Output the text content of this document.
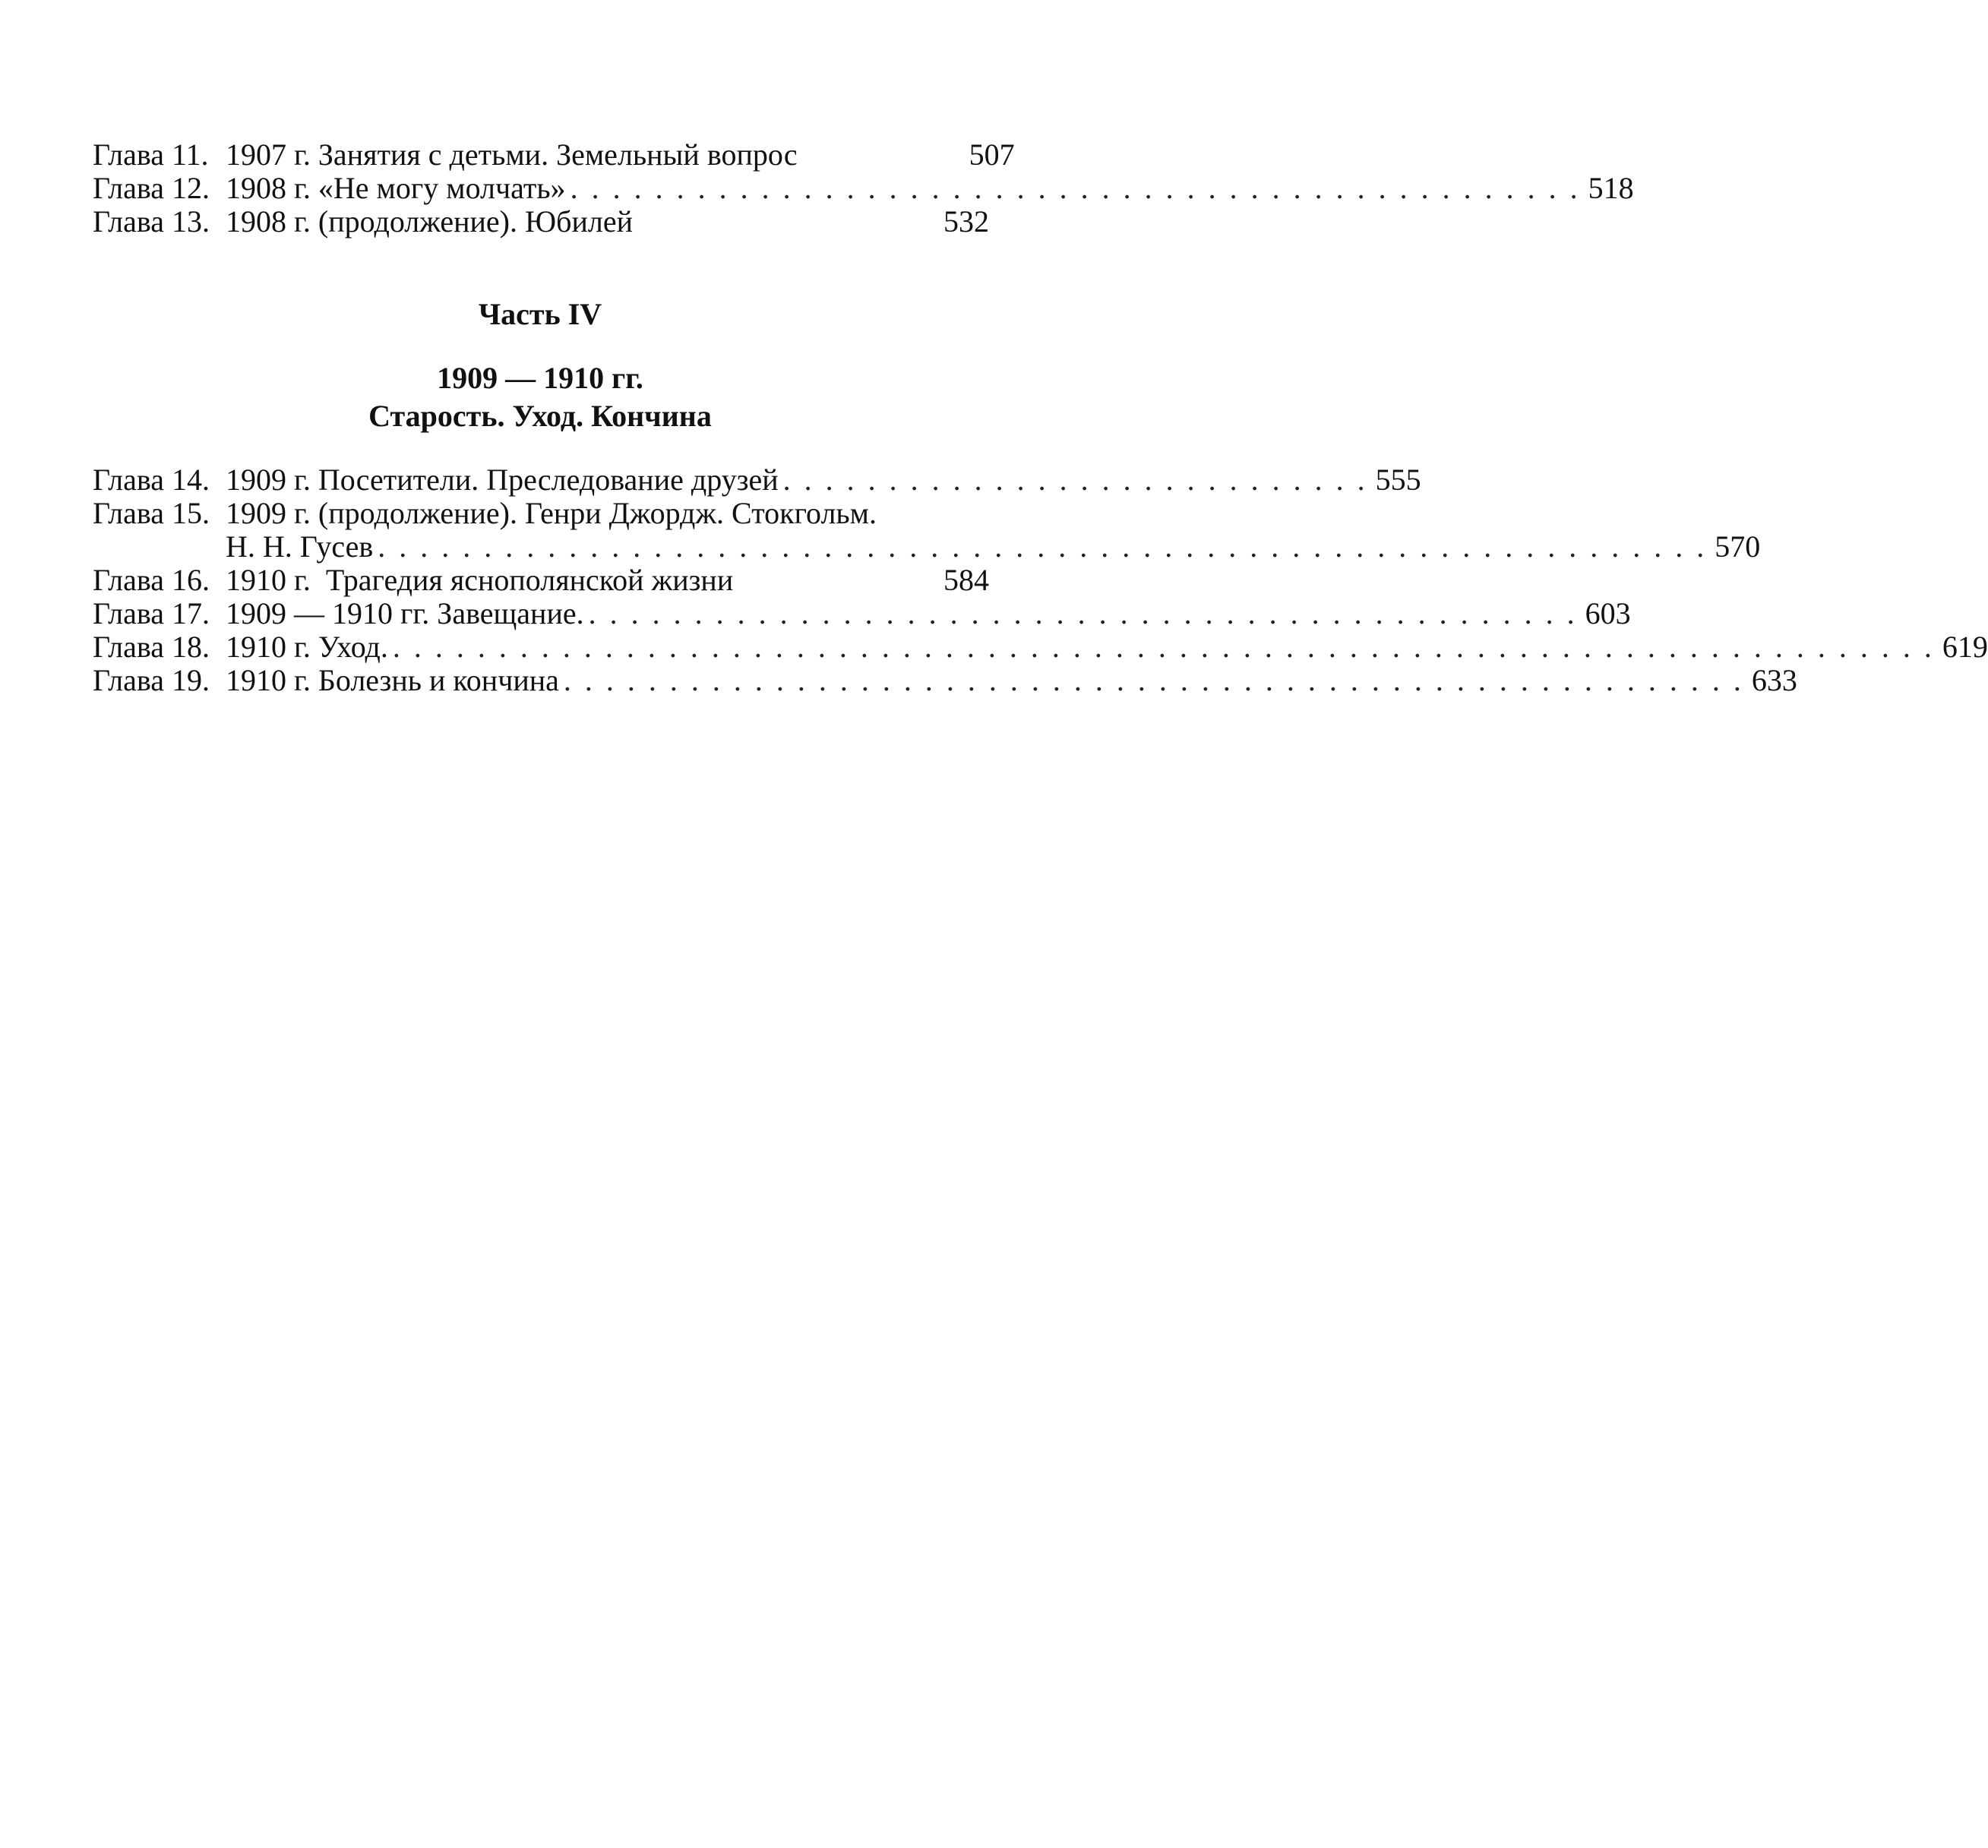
Глава 11. 1907 г. Занятия с детьми. Земельный вопрос	507
Глава 12. 1908 г. «Не могу молчать» . . . . . . . . . . . . . . . . . . . . . . . . . . . . . . . . . . . . . . . . . . . . . . . . 518
Глава 13. 1908 г. (продолжение). Юбилей	532
Часть IV
1909 — 1910 гг.
Старость. Уход. Кончина
Глава 14. 1909 г. Посетители. Преследование друзей . . . . . . . . . . . . . . . . . . . . . . . . . . . . 555
Глава 15. 1909 г. (продолжение). Генри Джордж. Стокгольм.
Н. Н. Гусев . . . . . . . . . . . . . . . . . . . . . . . . . . . . . . . . . . . . . . . . . . . . . . . . . . . . . . . . . . . . . . . 570
Глава 16. 1910 г.  Трагедия яснополянской жизни	584
Глава 17. 1909 — 1910 гг. Завещание. . . . . . . . . . . . . . . . . . . . . . . . . . . . . . . . . . . . . . . . . . . . . . . . 603
Глава 18. 1910 г. Уход. . . . . . . . . . . . . . . . . . . . . . . . . . . . . . . . . . . . . . . . . . . . . . . . . . . . . . . . . . . . . . . . . . . . . . . . . . 619
Глава 19. 1910 г. Болезнь и кончина . . . . . . . . . . . . . . . . . . . . . . . . . . . . . . . . . . . . . . . . . . . . . . . . . . . . . . . . 633
